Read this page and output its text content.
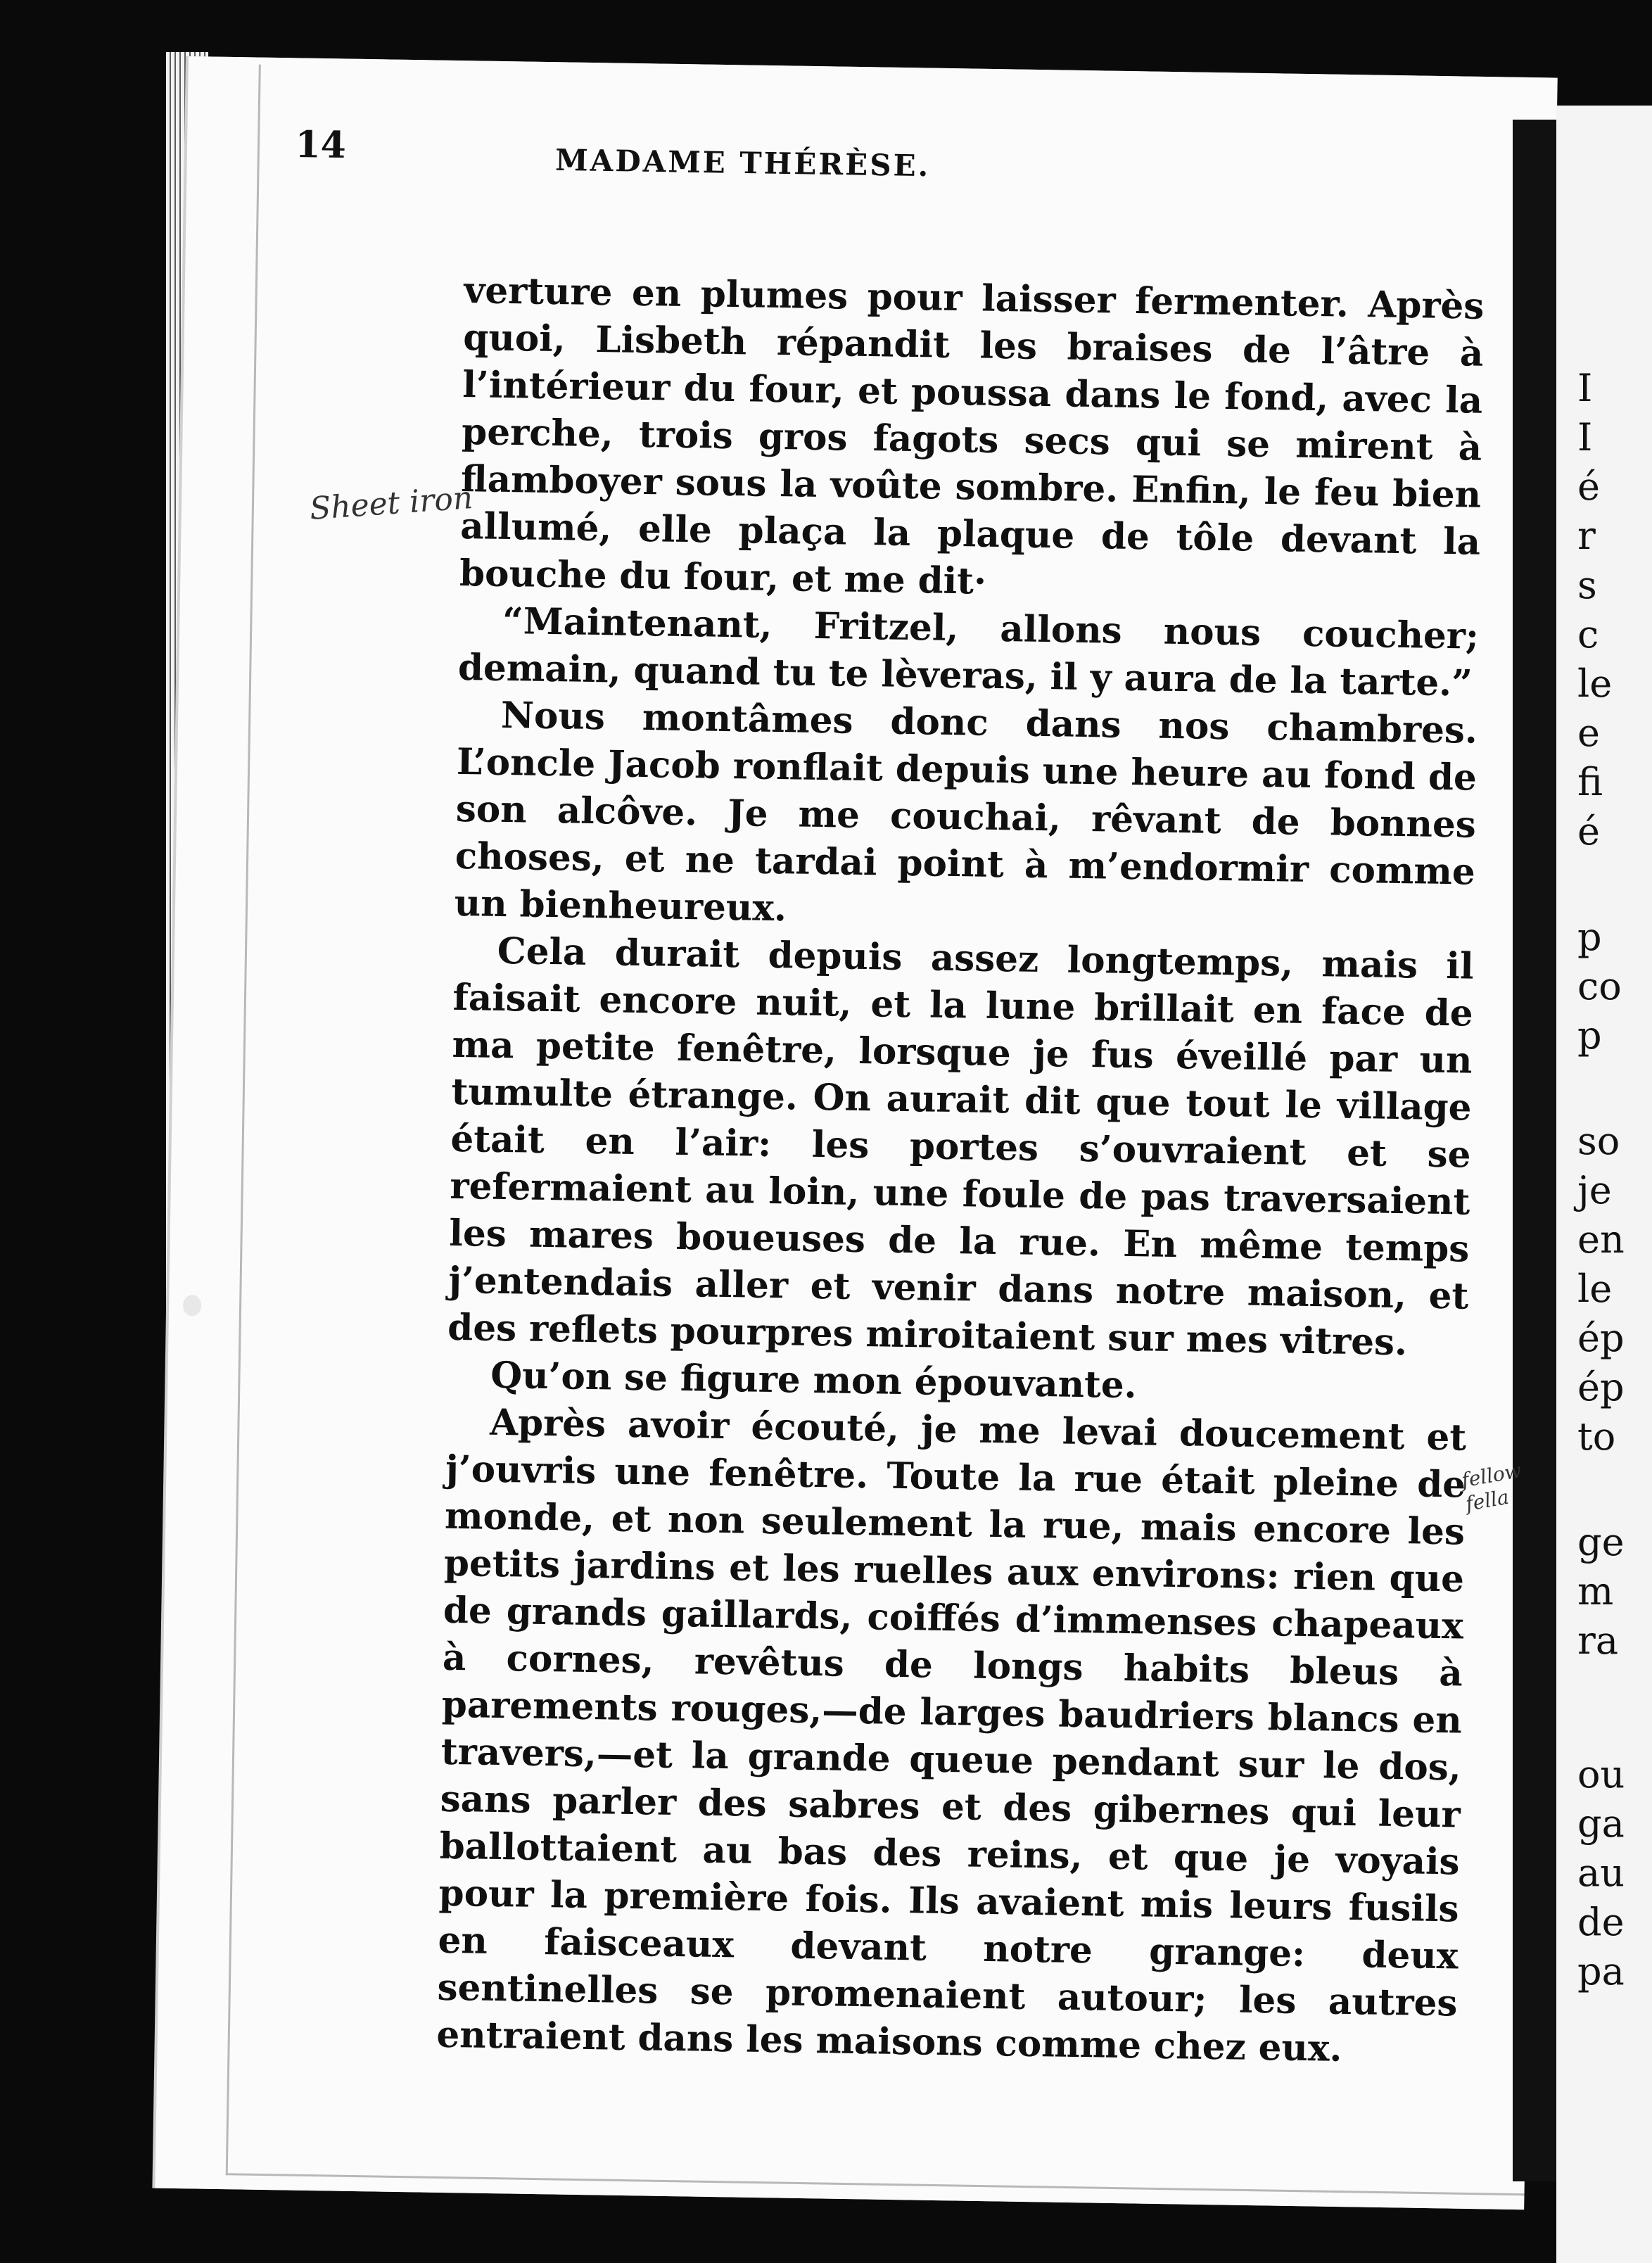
I
I
é
r
s
c
le
e
fi
é
p
co
p
so
je
en
le
ép
ép
to
ge
m
ra
ou
ga
au
de
pa
14	MADAME THÉRÈSE.

verture en plumes pour laisser fermenter. Après quoi, Lisbeth répandit les braises de l’âtre à l’intérieur du four, et poussa dans le fond, avec la perche, trois gros fagots secs qui se mirent à flamboyer sous la voûte sombre. Enfin, le feu bien allumé, elle plaça la plaque de tôle devant la bouche du four, et me dit·

“Maintenant, Fritzel, allons nous coucher; demain, quand tu te lèveras, il y aura de la tarte.”

Nous montâmes donc dans nos chambres. L’oncle Jacob ronflait depuis une heure au fond de son alcôve. Je me couchai, rêvant de bonnes choses, et ne tardai point à m’endormir comme un bienheureux.

Cela durait depuis assez longtemps, mais il faisait encore nuit, et la lune brillait en face de ma petite fenêtre, lorsque je fus éveillé par un tumulte étrange. On aurait dit que tout le village était en l’air: les portes s’ouvraient et se refermaient au loin, une foule de pas traversaient les mares boueuses de la rue. En même temps j’entendais aller et venir dans notre maison, et des reflets pourpres miroitaient sur mes vitres.

Qu’on se figure mon épouvante.

Après avoir écouté, je me levai doucement et j’ouvris une fenêtre. Toute la rue était pleine de monde, et non seulement la rue, mais encore les petits jardins et les ruelles aux environs: rien que de grands gaillards, coiffés d’immenses chapeaux à cornes, revêtus de longs habits bleus à parements rouges,—de larges baudriers blancs en travers,—et la grande queue pendant sur le dos, sans parler des sabres et des gibernes qui leur ballottaient au bas des reins, et que je voyais pour la première fois. Ils avaient mis leurs fusils en faisceaux devant notre grange: deux sentinelles se promenaient autour; les autres entraient dans les maisons comme chez eux.

Sheet iron
fellow
fella
